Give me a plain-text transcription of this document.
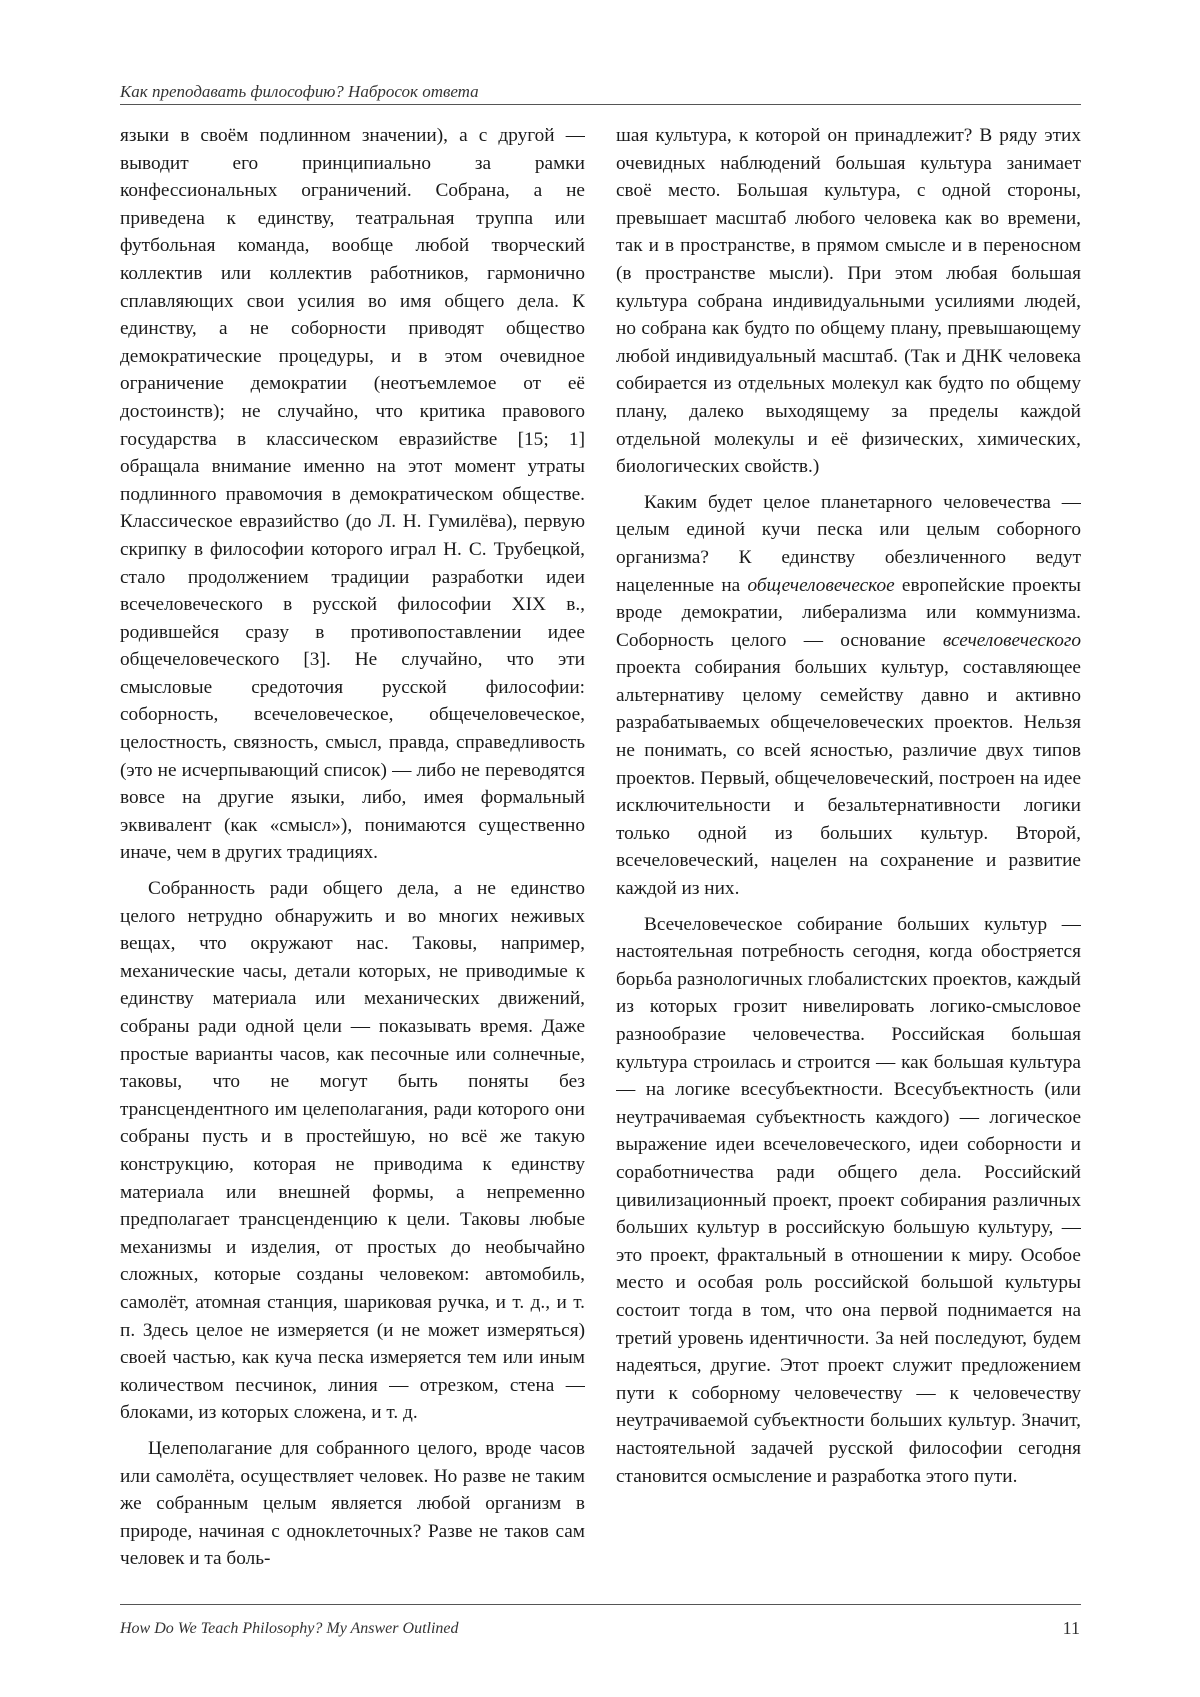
Как преподавать философию? Набросок ответа

языки в своём подлинном значении), а с другой — выводит его принципиально за рамки конфессиональных ограничений. Собрана, а не приведена к единству, театральная труппа или футбольная команда, вообще любой творческий коллектив или коллектив работников, гармонично сплавляющих свои усилия во имя общего дела. К единству, а не соборности приводят общество демократические процедуры, и в этом очевидное ограничение демократии (неотъемлемое от её достоинств); не случайно, что критика правового государства в классическом евразийстве [15; 1] обращала внимание именно на этот момент утраты подлинного правомочия в демократическом обществе. Классическое евразийство (до Л. Н. Гумилёва), первую скрипку в философии которого играл Н. С. Трубецкой, стало продолжением традиции разработки идеи всечеловеческого в русской философии XIX в., родившейся сразу в противопоставлении идее общечеловеческого [3]. Не случайно, что эти смысловые средоточия русской философии: соборность, всечеловеческое, общечеловеческое, целостность, связность, смысл, правда, справедливость (это не исчерпывающий список) — либо не переводятся вовсе на другие языки, либо, имея формальный эквивалент (как «смысл»), понимаются существенно иначе, чем в других традициях.

Собранность ради общего дела, а не единство целого нетрудно обнаружить и во многих неживых вещах, что окружают нас. Таковы, например, механические часы, детали которых, не приводимые к единству материала или механических движений, собраны ради одной цели — показывать время. Даже простые варианты часов, как песочные или солнечные, таковы, что не могут быть поняты без трансцендентного им целеполагания, ради которого они собраны пусть и в простейшую, но всё же такую конструкцию, которая не приводима к единству материала или внешней формы, а непременно предполагает трансценденцию к цели. Таковы любые механизмы и изделия, от простых до необычайно сложных, которые созданы человеком: автомобиль, самолёт, атомная станция, шариковая ручка, и т. д., и т. п. Здесь целое не измеряется (и не может измеряться) своей частью, как куча песка измеряется тем или иным количеством песчинок, линия — отрезком, стена — блоками, из которых сложена, и т. д.

Целеполагание для собранного целого, вроде часов или самолёта, осуществляет человек. Но разве не таким же собранным целым является любой организм в природе, начиная с одноклеточных? Разве не таков сам человек и та боль-

шая культура, к которой он принадлежит? В ряду этих очевидных наблюдений большая культура занимает своё место. Большая культура, с одной стороны, превышает масштаб любого человека как во времени, так и в пространстве, в прямом смысле и в переносном (в пространстве мысли). При этом любая большая культура собрана индивидуальными усилиями людей, но собрана как будто по общему плану, превышающему любой индивидуальный масштаб. (Так и ДНК человека собирается из отдельных молекул как будто по общему плану, далеко выходящему за пределы каждой отдельной молекулы и её физических, химических, биологических свойств.)

Каким будет целое планетарного человечества — целым единой кучи песка или целым соборного организма? К единству обезличенного ведут нацеленные на общечеловеческое европейские проекты вроде демократии, либерализма или коммунизма. Соборность целого — основание всечеловеческого проекта собирания больших культур, составляющее альтернативу целому семейству давно и активно разрабатываемых общечеловеческих проектов. Нельзя не понимать, со всей ясностью, различие двух типов проектов. Первый, общечеловеческий, построен на идее исключительности и безальтернативности логики только одной из больших культур. Второй, всечеловеческий, нацелен на сохранение и развитие каждой из них.

Всечеловеческое собирание больших культур — настоятельная потребность сегодня, когда обостряется борьба разнологичных глобалистских проектов, каждый из которых грозит нивелировать логико-смысловое разнообразие человечества. Российская большая культура строилась и строится — как большая культура — на логике всесубъектности. Всесубъектность (или неутрачиваемая субъектность каждого) — логическое выражение идеи всечеловеческого, идеи соборности и соработничества ради общего дела. Российский цивилизационный проект, проект собирания различных больших культур в российскую большую культуру, — это проект, фрактальный в отношении к миру. Особое место и особая роль российской большой культуры состоит тогда в том, что она первой поднимается на третий уровень идентичности. За ней последуют, будем надеяться, другие. Этот проект служит предложением пути к соборному человечеству — к человечеству неутрачиваемой субъектности больших культур. Значит, настоятельной задачей русской философии сегодня становится осмысление и разработка этого пути.

How Do We Teach Philosophy? My Answer Outlined	11
